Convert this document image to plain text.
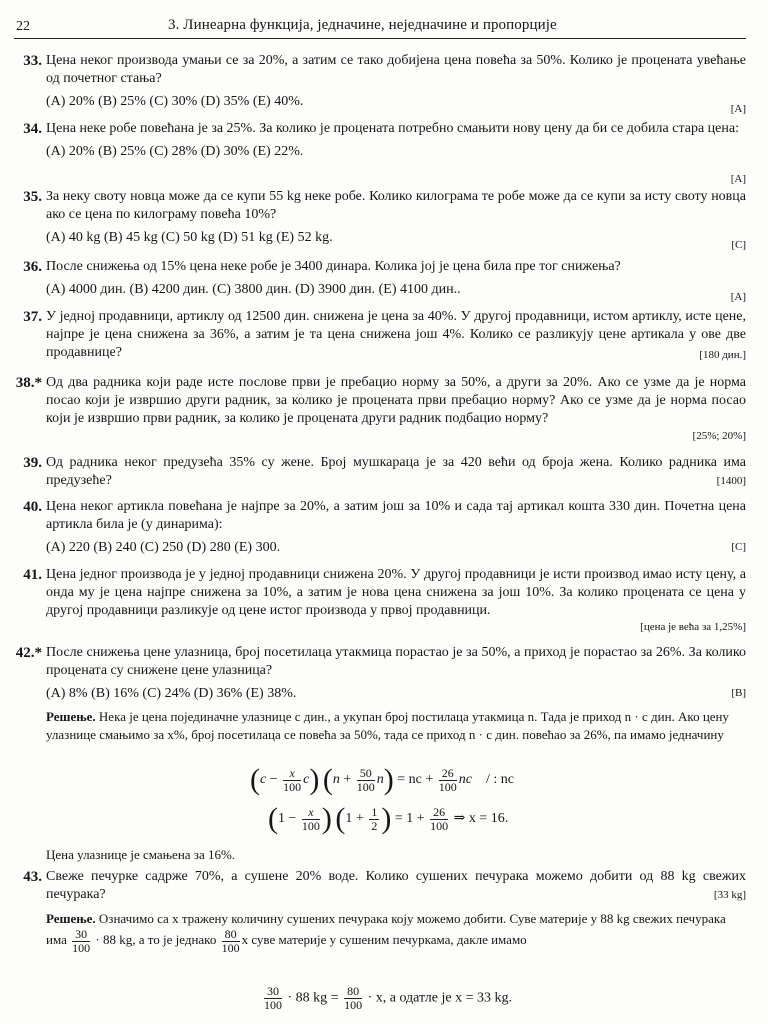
22	3. Линеарна функција, једначине, неједначине и пропорције
33. Цена неког производа умањи се за 20%, а затим се тако добијена цена повећа за 50%. Колико је процената увећање од почетног стања?
(A) 20% (B) 25% (C) 30% (D) 35% (E) 40%.	[A]
34. Цена неке робе повећана је за 25%. За колико је процената потребно смањити нову цену да би се добила стара цена:
(A) 20% (B) 25% (C) 28% (D) 30% (E) 22%.
[A]
35. За неку своту новца може да се купи 55 kg неке робе. Колико килограма те робе може да се купи за исту своту новца ако се цена по килограму повећа 10%?
(A) 40 kg (B) 45 kg (C) 50 kg (D) 51 kg (E) 52 kg.	[C]
36. После снижења од 15% цена неке робе је 3400 динара. Колика јој је цена била пре тог снижења?
(A) 4000 дин. (B) 4200 дин. (C) 3800 дин. (D) 3900 дин. (E) 4100 дин..	[A]
37. У једној продавници, артиклу од 12500 дин. снижена је цена за 40%. У другој продавници, истом артиклу, исте цене, најпре је цена снижена за 36%, а затим је та цена снижена још 4%. Колико се разликују цене артикала у ове две продавнице?	[180 дин.]
38.* Од два радника који раде исте послове први је пребацио норму за 50%, а други за 20%. Ако се узме да је норма посао који је извршио други радник, за колико је процената први пребацио норму? Ако се узме да је норма посао који је извршио први радник, за колико је процената други радник подбацио норму?
[25%; 20%]
39. Од радника неког предузећа 35% су жене. Број мушкараца је за 420 већи од броја жена. Колико радника има предузеће?	[1400]
40. Цена неког артикла повећана је најпре за 20%, а затим још за 10% и сада тај артикал кошта 330 дин. Почетна цена артикла била је (у динарима):
(A) 220 (B) 240 (C) 250 (D) 280 (E) 300.	[C]
41. Цена једног производа је у једној продавници снижена 20%. У другој продавници је исти производ имао исту цену, а онда му је цена најпре снижена за 10%, а затим је нова цена снижена за још 10%. За колико процената се цена у другој продавници разликује од цене истог производа у првој продавници.
[цена је већа за 1,25%]
42.* После снижења цене улазница, број посетилаца утакмица порастао је за 50%, а приход је порастао за 26%. За колико процената су снижене цене улазница?
(A) 8% (B) 16% (C) 24% (D) 36% (E) 38%.	[B]
Решење. Нека је цена појединачне улазнице c дин., а укупан број постилаца утакмица n. Тада је приход n · c дин. Ако цену улазнице смањимо за x%, број посетилаца се повећа за 50%, тада се приход n · c дин. повећао за 26%, па имамо једначину
$(c - \frac{x}{100} c)$ $(n + \frac{50}{100} n)$ = nc + $\frac{26}{100}$ nc / : nc
($1 - \frac{x}{100}$ ) ($1 + \frac{1}{2}$ ) = $1 + \frac{26}{100}$ ⇒ x = 16.
Цена улазнице је смањена за 16%.
43. Свеже печурке садрже 70%, а сушене 20% воде. Колико сушених печурака можемо добити од 88 kg свежих печурака?	[33 kg]
Решење. Означимо са x тражену количину сушених печурака коју можемо добити. Суве материје у 88 kg свежих печурака има $\frac{30}{100} \cdot 88$ kg, а то је једнако $\frac{80}{100}$ x суве материје у сушеним печуркама, дакле имамо
$\frac{30}{100} \cdot 88$ kg = $\frac{80}{100} \cdot x$, а одатле је x = 33 kg.
